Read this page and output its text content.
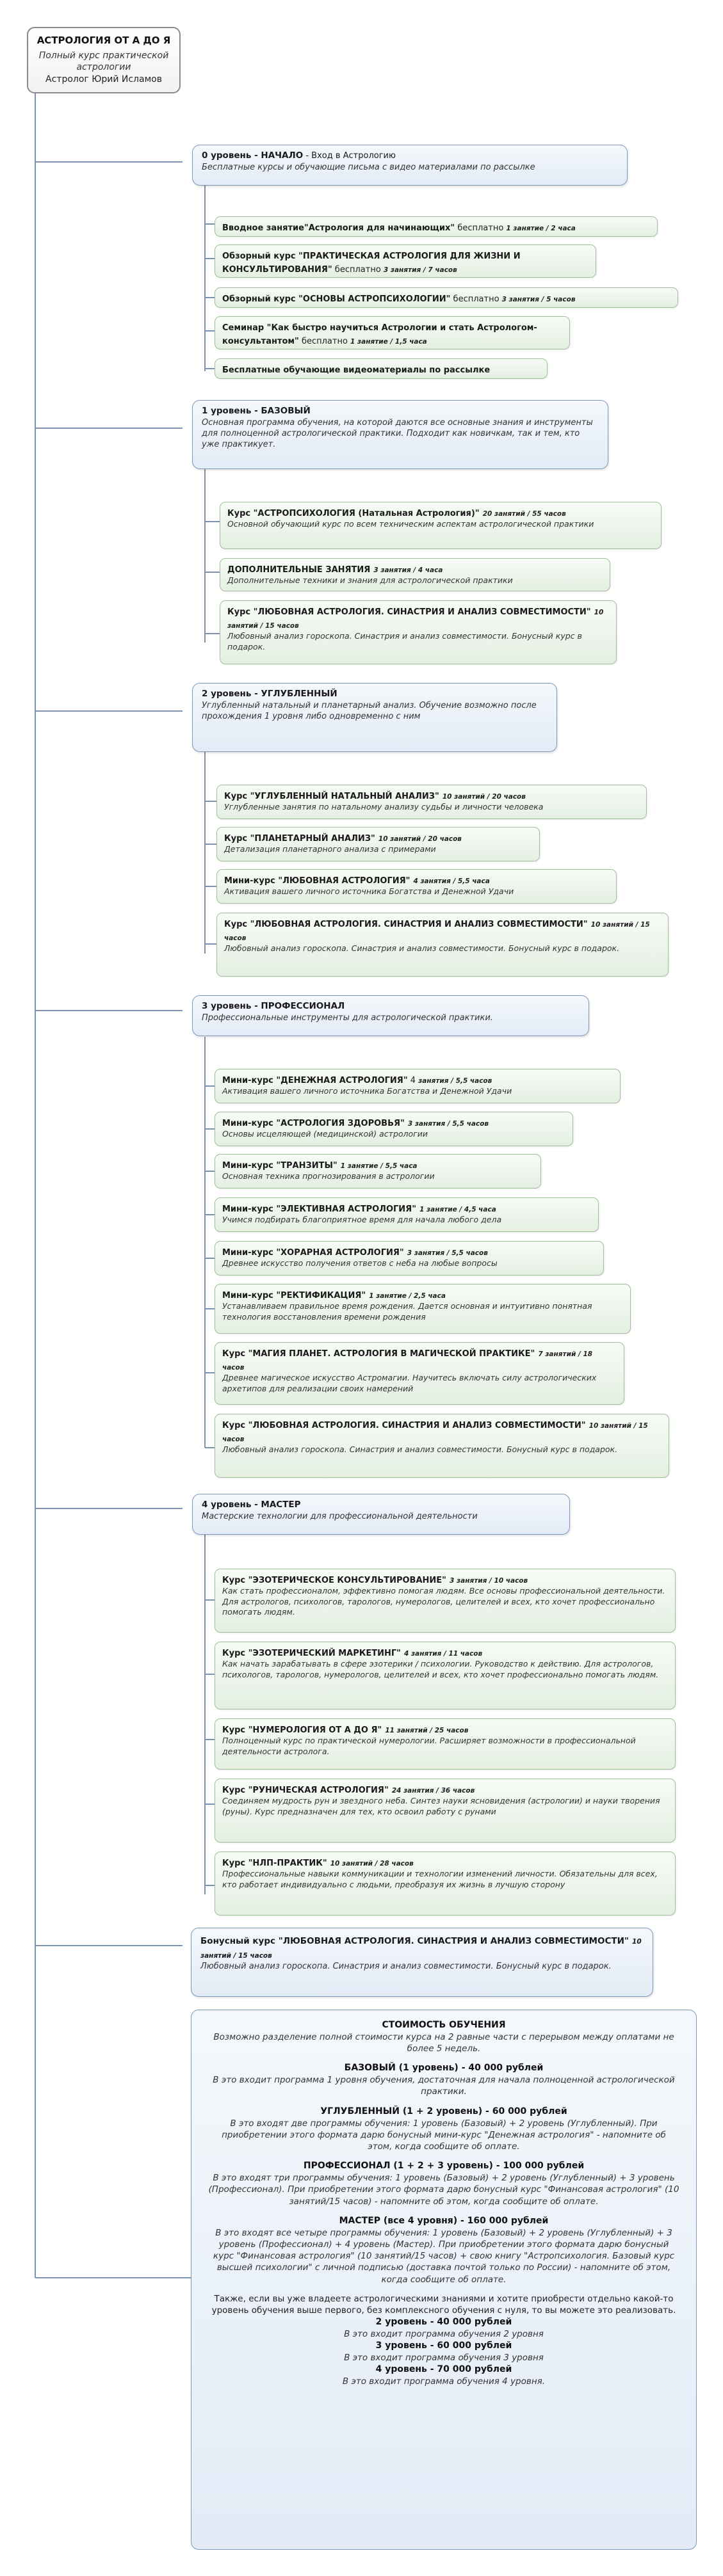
АСТРОЛОГИЯ ОТ А ДО Я
Полный курс практической астрологии
Астролог Юрий Исламов
0 уровень - НАЧАЛО - Вход в Астрологию
Бесплатные курсы и обучающие письма с видео материалами по рассылке
Вводное занятие"Астрология для начинающих" бесплатно 1 занятие / 2 часа
Обзорный курс "ПРАКТИЧЕСКАЯ АСТРОЛОГИЯ ДЛЯ ЖИЗНИ И КОНСУЛЬТИРОВАНИЯ" бесплатно 3 занятия / 7 часов
Обзорный курс "ОСНОВЫ АСТРОПСИХОЛОГИИ" бесплатно 3 занятия / 5 часов
Семинар "Как быстро научиться Астрологии и стать Астрологом-консультантом" бесплатно 1 занятие / 1,5 часа
Бесплатные обучающие видеоматериалы по рассылке
1 уровень - БАЗОВЫЙ
Основная программа обучения, на которой даются все основные знания и инструменты для полноценной астрологической практики. Подходит как новичкам, так и тем, кто уже практикует.
Курс "АСТРОПСИХОЛОГИЯ (Натальная Астрология)" 20 занятий / 55 часов
Основной обучающий курс по всем техническим аспектам астрологической практики
ДОПОЛНИТЕЛЬНЫЕ ЗАНЯТИЯ 3 занятия / 4 часа
Дополнительные техники и знания для астрологической практики
Курс "ЛЮБОВНАЯ АСТРОЛОГИЯ. СИНАСТРИЯ И АНАЛИЗ СОВМЕСТИМОСТИ" 10 занятий / 15 часов
Любовный анализ гороскопа. Синастрия и анализ совместимости. Бонусный курс в подарок.
2 уровень - УГЛУБЛЕННЫЙ
Углубленный натальный и планетарный анализ. Обучение возможно после прохождения 1 уровня либо одновременно с ним
Курс "УГЛУБЛЕННЫЙ НАТАЛЬНЫЙ АНАЛИЗ" 10 занятий / 20 часов
Углубленные занятия по натальному анализу судьбы и личности человека
Курс "ПЛАНЕТАРНЫЙ АНАЛИЗ" 10 занятий / 20 часов
Детализация планетарного анализа с примерами
Мини-курс "ЛЮБОВНАЯ АСТРОЛОГИЯ" 4 занятия / 5,5 часа
Активация вашего личного источника Богатства и Денежной Удачи
Курс "ЛЮБОВНАЯ АСТРОЛОГИЯ. СИНАСТРИЯ И АНАЛИЗ СОВМЕСТИМОСТИ" 10 занятий / 15 часов
Любовный анализ гороскопа. Синастрия и анализ совместимости. Бонусный курс в подарок.
3 уровень - ПРОФЕССИОНАЛ
Профессиональные инструменты для астрологической практики.
Мини-курс "ДЕНЕЖНАЯ АСТРОЛОГИЯ" 4 занятия / 5,5 часов
Активация вашего личного источника Богатства и Денежной Удачи
Мини-курс "АСТРОЛОГИЯ ЗДОРОВЬЯ" 3 занятия / 5,5 часов
Основы исцеляющей (медицинской) астрологии
Мини-курс "ТРАНЗИТЫ" 1 занятие / 5,5 часа
Основная техника прогнозирования в астрологии
Мини-курс "ЭЛЕКТИВНАЯ АСТРОЛОГИЯ" 1 занятие / 4,5 часа
Учимся подбирать благоприятное время для начала любого дела
Мини-курс "ХОРАРНАЯ АСТРОЛОГИЯ" 3 занятия / 5,5 часов
Древнее искусство получения ответов с неба на любые вопросы
Мини-курс "РЕКТИФИКАЦИЯ" 1 занятие / 2,5 часа
Устанавливаем правильное время рождения. Дается основная и интуитивно понятная технология восстановления времени рождения
Курс "МАГИЯ ПЛАНЕТ. АСТРОЛОГИЯ В МАГИЧЕСКОЙ ПРАКТИКЕ" 7 занятий / 18 часов
Древнее магическое искусство Астромагии. Научитесь включать силу астрологических архетипов для реализации своих намерений
Курс "ЛЮБОВНАЯ АСТРОЛОГИЯ. СИНАСТРИЯ И АНАЛИЗ СОВМЕСТИМОСТИ" 10 занятий / 15 часов
Любовный анализ гороскопа. Синастрия и анализ совместимости. Бонусный курс в подарок.
4 уровень - МАСТЕР
Мастерские технологии для профессиональной деятельности
Курс "ЭЗОТЕРИЧЕСКОЕ КОНСУЛЬТИРОВАНИЕ" 3 занятия / 10 часов
Как стать профессионалом, эффективно помогая людям. Все основы профессиональной деятельности. Для астрологов, психологов, тарологов, нумерологов, целителей и всех, кто хочет профессионально помогать людям.
Курс "ЭЗОТЕРИЧЕСКИЙ МАРКЕТИНГ" 4 занятия / 11 часов
Как начать зарабатывать в сфере эзотерики / психологии. Руководство к действию. Для астрологов, психологов, тарологов, нумерологов, целителей и всех, кто хочет профессионально помогать людям.
Курс "НУМЕРОЛОГИЯ ОТ А ДО Я" 11 занятий / 25 часов
Полноценный курс по практической нумерологии. Расширяет возможности в профессиональной деятельности астролога.
Курс "РУНИЧЕСКАЯ АСТРОЛОГИЯ" 24 занятия / 36 часов
Соединяем мудрость рун и звездного неба. Синтез науки ясновидения (астрологии) и науки творения (руны). Курс предназначен для тех, кто освоил работу с рунами
Курс "НЛП-ПРАКТИК" 10 занятий / 28 часов
Профессиональные навыки коммуникации и технологии изменений личности. Обязательны для всех, кто работает индивидуально с людьми, преобразуя их жизнь в лучшую сторону
Бонусный курс "ЛЮБОВНАЯ АСТРОЛОГИЯ. СИНАСТРИЯ И АНАЛИЗ СОВМЕСТИМОСТИ" 10 занятий / 15 часов
Любовный анализ гороскопа. Синастрия и анализ совместимости. Бонусный курс в подарок.
СТОИМОСТЬ ОБУЧЕНИЯ
Возможно разделение полной стоимости курса на 2 равные части с перерывом между оплатами не более 5 недель.
БАЗОВЫЙ (1 уровень) - 40 000 рублей
В это входит программа 1 уровня обучения, достаточная для начала полноценной астрологической практики.
УГЛУБЛЕННЫЙ (1 + 2 уровень) - 60 000 рублей
В это входят две программы обучения: 1 уровень (Базовый) + 2 уровень (Углубленный). При приобретении этого формата дарю бонусный мини-курс "Денежная астрология" - напомните об этом, когда сообщите об оплате.
ПРОФЕССИОНАЛ (1 + 2 + 3 уровень) - 100 000 рублей
В это входят три программы обучения: 1 уровень (Базовый) + 2 уровень (Углубленный) + 3 уровень (Профессионал). При приобретении этого формата дарю бонусный курс "Финансовая астрология" (10 занятий/15 часов) - напомните об этом, когда сообщите об оплате.
МАСТЕР (все 4 уровня) - 160 000 рублей
В это входят все четыре программы обучения: 1 уровень (Базовый) + 2 уровень (Углубленный) + 3 уровень (Профессионал) + 4 уровень (Мастер). При приобретении этого формата дарю бонусный курс "Финансовая астрология" (10 занятий/15 часов) + свою книгу "Астропсихология. Базовый курс высшей психологии" с личной подписью (доставка почтой только по России) - напомните об этом, когда сообщите об оплате.
Также, если вы уже владеете астрологическими знаниями и хотите приобрести отдельно какой-то уровень обучения выше первого, без комплексного обучения с нуля, то вы можете это реализовать.
2 уровень - 40 000 рублей
В это входит программа обучения 2 уровня
3 уровень - 60 000 рублей
В это входит программа обучения 3 уровня
4 уровень - 70 000 рублей
В это входит программа обучения 4 уровня.
